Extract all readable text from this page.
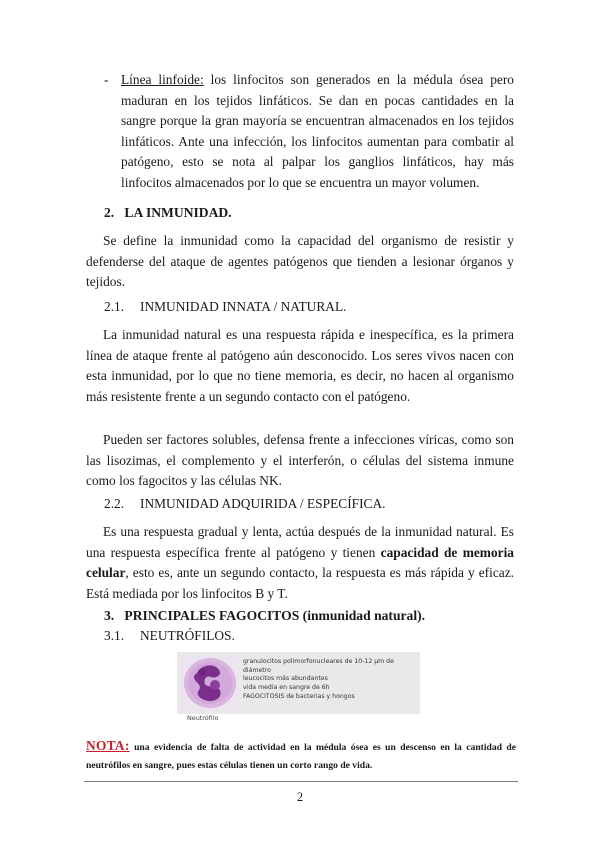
- Línea linfoide: los linfocitos son generados en la médula ósea pero maduran en los tejidos linfáticos. Se dan en pocas cantidades en la sangre porque la gran mayoría se encuentran almacenados en los tejidos linfáticos. Ante una infección, los linfocitos aumentan para combatir al patógeno, esto se nota al palpar los ganglios linfáticos, hay más linfocitos almacenados por lo que se encuentra un mayor volumen.

2. LA INMUNIDAD.

Se define la inmunidad como la capacidad del organismo de resistir y defenderse del ataque de agentes patógenos que tienden a lesionar órganos y tejidos.

2.1. INMUNIDAD INNATA / NATURAL.

La inmunidad natural es una respuesta rápida e inespecífica, es la primera línea de ataque frente al patógeno aún desconocido. Los seres vivos nacen con esta inmunidad, por lo que no tiene memoria, es decir, no hacen al organismo más resistente frente a un segundo contacto con el patógeno.

Pueden ser factores solubles, defensa frente a infecciones víricas, como son las lisozimas, el complemento y el interferón, o células del sistema inmune como los fagocitos y las células NK.

2.2. INMUNIDAD ADQUIRIDA / ESPECÍFICA.

Es una respuesta gradual y lenta, actúa después de la inmunidad natural. Es una respuesta específica frente al patógeno y tienen capacidad de memoria celular, esto es, ante un segundo contacto, la respuesta es más rápida y eficaz. Está mediada por los linfocitos B y T.

3. PRINCIPALES FAGOCITOS (inmunidad natural).

3.1. NEUTRÓFILOS.

granulocitos polimorfonucleares de 10-12 µm de
diámetro
leucocitos más abundantes
vida media en sangre de 6h
FAGOCITOSIS de bacterias y hongos
Neutrófilo

NOTA: una evidencia de falta de actividad en la médula ósea es un descenso en la cantidad de neutrófilos en sangre, pues estas células tienen un corto rango de vida.

2
